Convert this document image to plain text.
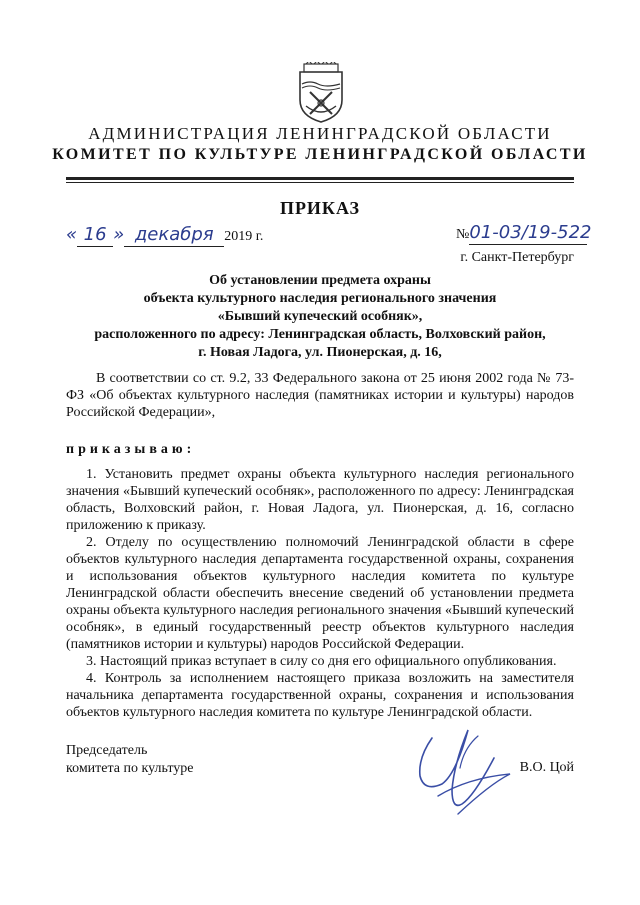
АДМИНИСТРАЦИЯ ЛЕНИНГРАДСКОЙ ОБЛАСТИ
КОМИТЕТ ПО КУЛЬТУРЕ ЛЕНИНГРАДСКОЙ ОБЛАСТИ
ПРИКАЗ
« 16 » декабря 2019 г.	№01-03/19-522
г. Санкт-Петербург
Об установлении предмета охраны
объекта культурного наследия регионального значения
«Бывший купеческий особняк»,
расположенного по адресу: Ленинградская область, Волховский район,
г. Новая Ладога, ул. Пионерская, д. 16,
В соответствии со ст. 9.2, 33 Федерального закона от 25 июня 2002 года № 73-ФЗ «Об объектах культурного наследия (памятниках истории и культуры) народов Российской Федерации»,
приказываю:

1. Установить предмет охраны объекта культурного наследия регионального значения «Бывший купеческий особняк», расположенного по адресу: Ленинградская область, Волховский район, г. Новая Ладога, ул. Пионерская, д. 16, согласно приложению к приказу.

2. Отделу по осуществлению полномочий Ленинградской области в сфере объектов культурного наследия департамента государственной охраны, сохранения и использования объектов культурного наследия комитета по культуре Ленинградской области обеспечить внесение сведений об установлении предмета охраны объекта культурного наследия регионального значения «Бывший купеческий особняк», в единый государственный реестр объектов культурного наследия (памятников истории и культуры) народов Российской Федерации.

3. Настоящий приказ вступает в силу со дня его официального опубликования.

4. Контроль за исполнением настоящего приказа возложить на заместителя начальника департамента государственной охраны, сохранения и использования объектов культурного наследия комитета по культуре Ленинградской области.

Председатель
комитета по культуре	В.О. Цой
